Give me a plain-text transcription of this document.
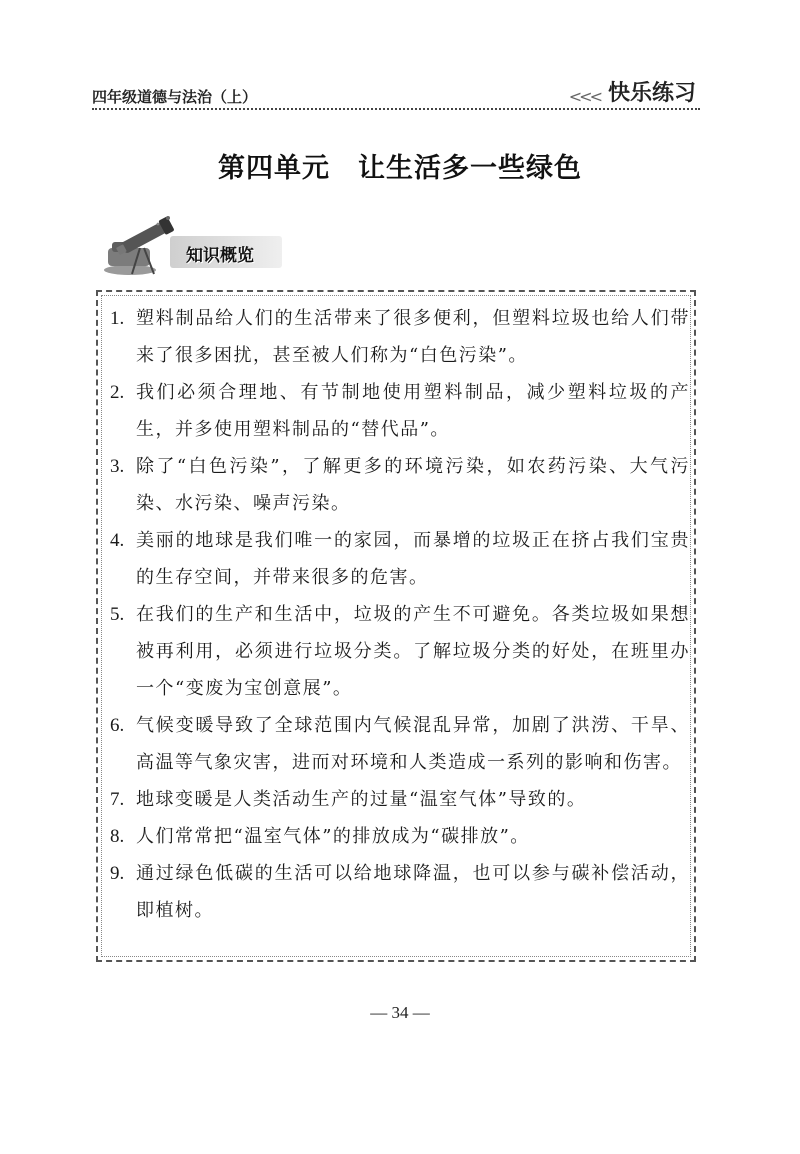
四年级道德与法治（上）	<<< 快乐练习
第四单元　让生活多一些绿色
知识概览
1. 塑料制品给人们的生活带来了很多便利，但塑料垃圾也给人们带来了很多困扰，甚至被人们称为“白色污染”。
2. 我们必须合理地、有节制地使用塑料制品，减少塑料垃圾的产生，并多使用塑料制品的“替代品”。
3. 除了“白色污染”，了解更多的环境污染，如农药污染、大气污染、水污染、噪声污染。
4. 美丽的地球是我们唯一的家园，而暴增的垃圾正在挤占我们宝贵的生存空间，并带来很多的危害。
5. 在我们的生产和生活中，垃圾的产生不可避免。各类垃圾如果想被再利用，必须进行垃圾分类。了解垃圾分类的好处，在班里办一个“变废为宝创意展”。
6. 气候变暖导致了全球范围内气候混乱异常，加剧了洪涝、干旱、高温等气象灾害，进而对环境和人类造成一系列的影响和伤害。
7. 地球变暖是人类活动生产的过量“温室气体”导致的。
8. 人们常常把“温室气体”的排放成为“碳排放”。
9. 通过绿色低碳的生活可以给地球降温，也可以参与碳补偿活动，即植树。
— 34 —
